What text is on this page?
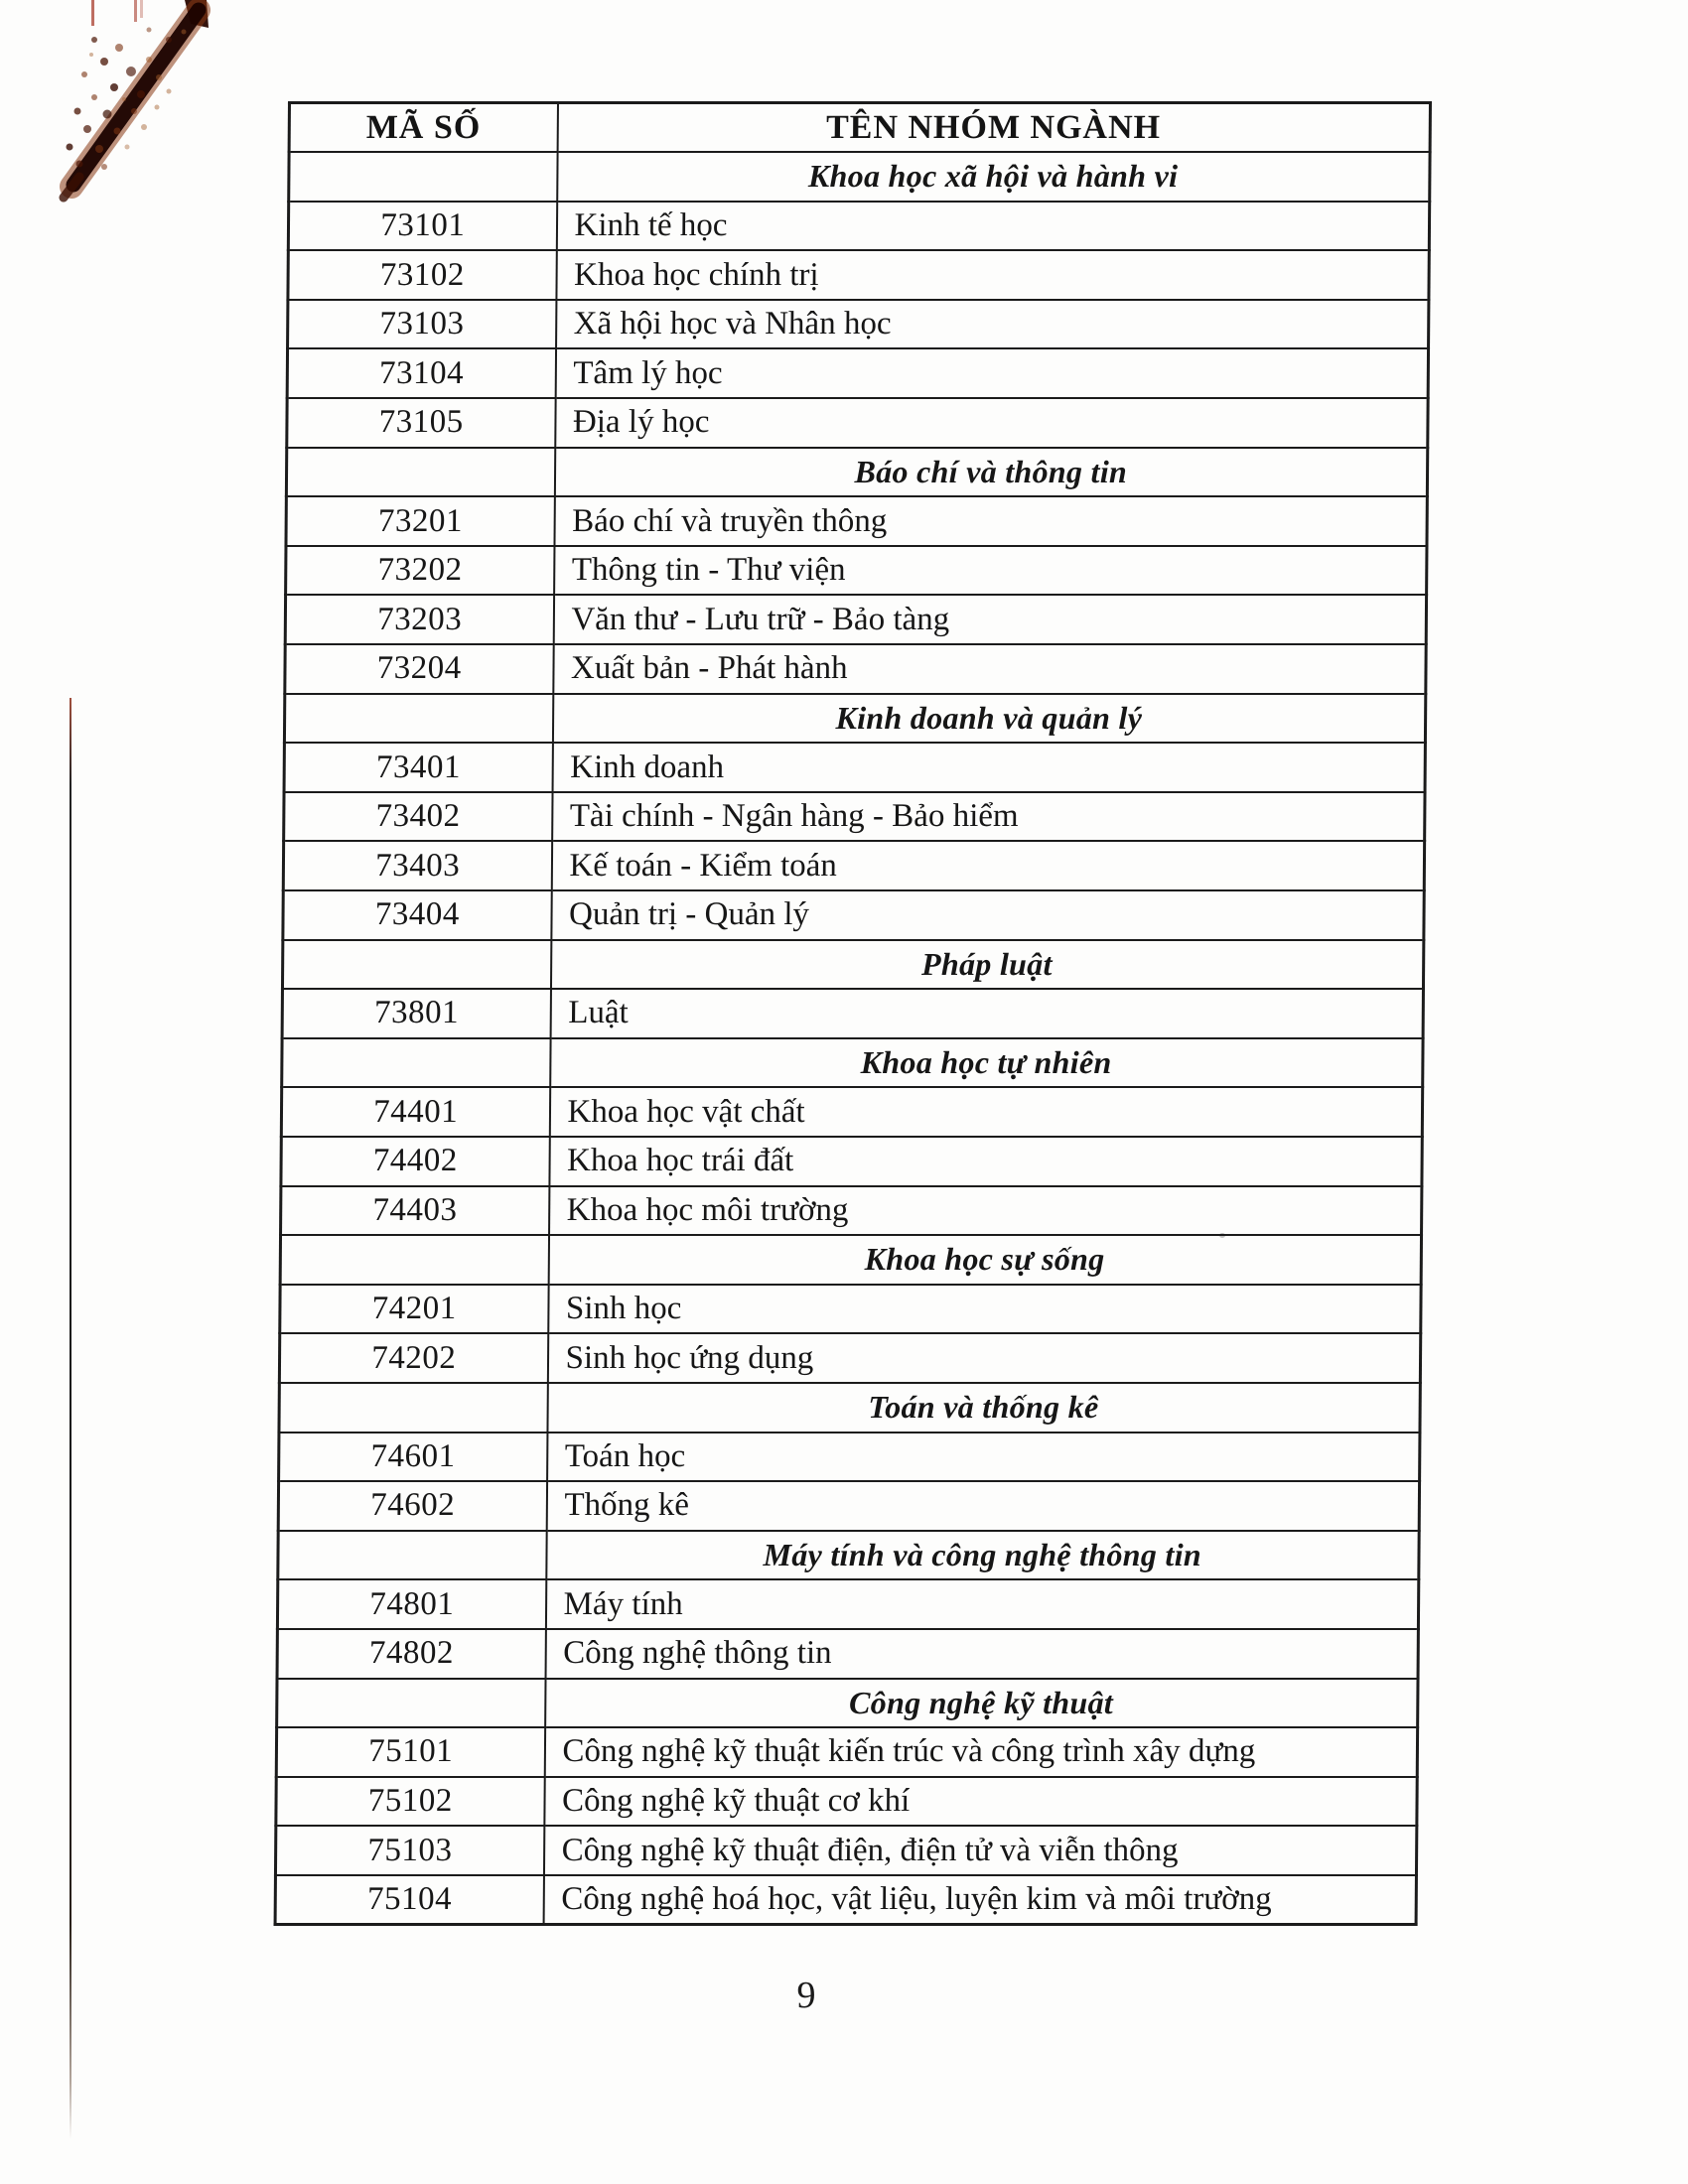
MÃ SỐ	TÊN NHÓM NGÀNH
	Khoa học xã hội và hành vi
73101	Kinh tế học
73102	Khoa học chính trị
73103	Xã hội học và Nhân học
73104	Tâm lý học
73105	Địa lý học
	Báo chí và thông tin
73201	Báo chí và truyền thông
73202	Thông tin - Thư viện
73203	Văn thư - Lưu trữ - Bảo tàng
73204	Xuất bản - Phát hành
	Kinh doanh và quản lý
73401	Kinh doanh
73402	Tài chính - Ngân hàng - Bảo hiểm
73403	Kế toán - Kiểm toán
73404	Quản trị - Quản lý
	Pháp luật
73801	Luật
	Khoa học tự nhiên
74401	Khoa học vật chất
74402	Khoa học trái đất
74403	Khoa học môi trường
	Khoa học sự sống
74201	Sinh học
74202	Sinh học ứng dụng
	Toán và thống kê
74601	Toán học
74602	Thống kê
	Máy tính và công nghệ thông tin
74801	Máy tính
74802	Công nghệ thông tin
	Công nghệ kỹ thuật
75101	Công nghệ kỹ thuật kiến trúc và công trình xây dựng
75102	Công nghệ kỹ thuật cơ khí
75103	Công nghệ kỹ thuật điện, điện tử và viễn thông
75104	Công nghệ hoá học, vật liệu, luyện kim và môi trường
9
